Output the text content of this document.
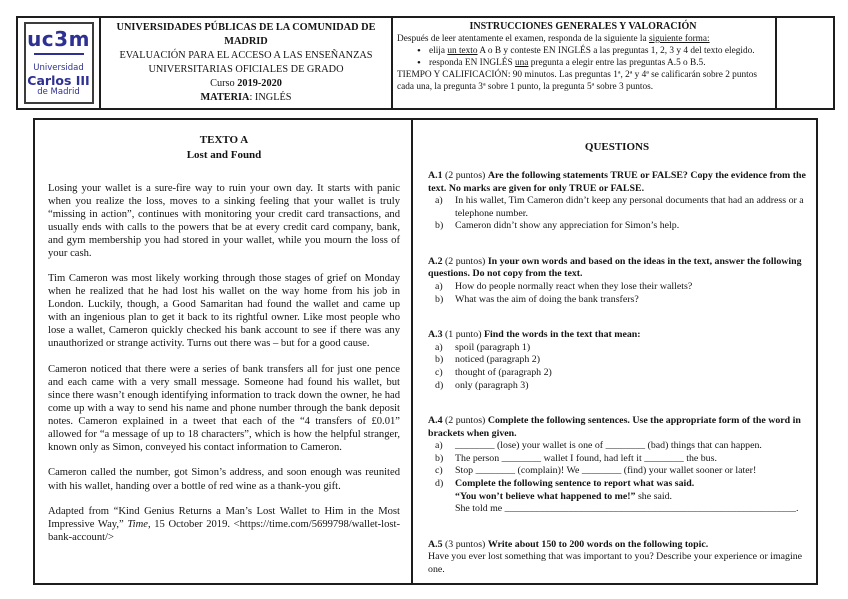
uc3m
Universidad
Carlos III
de Madrid
UNIVERSIDADES PÚBLICAS DE LA COMUNIDAD DE MADRID
EVALUACIÓN PARA EL ACCESO A LAS ENSEÑANZAS UNIVERSITARIAS OFICIALES DE GRADO
Curso 2019-2020
MATERIA: INGLÉS
INSTRUCCIONES GENERALES Y VALORACIÓN
Después de leer atentamente el examen, responda de la siguiente la siguiente forma:
• elija un texto A o B y conteste EN INGLÉS a las preguntas 1, 2, 3 y 4 del texto elegido.
• responda EN INGLÉS una pregunta a elegir entre las preguntas A.5 o B.5.
TIEMPO Y CALIFICACIÓN: 90 minutos. Las preguntas 1ª, 2ª y 4ª se calificarán sobre 2 puntos cada una, la pregunta 3ª sobre 1 punto, la pregunta 5ª sobre 3 puntos.
TEXTO A
Lost and Found

Losing your wallet is a sure-fire way to ruin your own day. It starts with panic when you realize the loss, moves to a sinking feeling that your wallet is truly “missing in action”, continues with monitoring your credit card transactions, and usually ends with calls to the powers that be at every credit card company, bank, and gym membership you had stored in your wallet, while you mourn the loss of your cash.

Tim Cameron was most likely working through those stages of grief on Monday when he realized that he had lost his wallet on the way home from his job in London. Luckily, though, a Good Samaritan had found the wallet and came up with an ingenious plan to get it back to its rightful owner. Like most people who lose a wallet, Cameron quickly checked his bank account to see if there was any unauthorized or strange activity. Turns out there was – but for a good cause.

Cameron noticed that there were a series of bank transfers all for just one pence and each came with a very small message. Someone had found his wallet, but since there wasn’t enough identifying information to track down the owner, he had come up with a way to send his name and phone number through the bank deposit notes. Cameron explained in a tweet that each of the “4 transfers of £0.01” allowed for “a message of up to 18 characters”, which is how the helpful stranger, known only as Simon, conveyed his contact information to Cameron.

Cameron called the number, got Simon’s address, and soon enough was reunited with his wallet, handing over a bottle of red wine as a thank-you gift.

Adapted from “Kind Genius Returns a Man’s Lost Wallet to Him in the Most Impressive Way,” Time, 15 October 2019. <https://time.com/5699798/wallet-lost-bank-account/>

QUESTIONS
A.1 (2 puntos) Are the following statements TRUE or FALSE? Copy the evidence from the text. No marks are given for only TRUE or FALSE.
a) In his wallet, Tim Cameron didn’t keep any personal documents that had an address or a telephone number.
b) Cameron didn’t show any appreciation for Simon’s help.
A.2 (2 puntos) In your own words and based on the ideas in the text, answer the following questions. Do not copy from the text.
a) How do people normally react when they lose their wallets?
b) What was the aim of doing the bank transfers?
A.3 (1 punto) Find the words in the text that mean:
a) spoil (paragraph 1)
b) noticed (paragraph 2)
c) thought of (paragraph 2)
d) only (paragraph 3)
A.4 (2 puntos) Complete the following sentences. Use the appropriate form of the word in brackets when given.
a) ________ (lose) your wallet is one of ________ (bad) things that can happen.
b) The person ________ wallet I found, had left it ________ the bus.
c) Stop ________ (complain)! We ________ (find) your wallet sooner or later!
d) Complete the following sentence to report what was said.
“You won’t believe what happened to me!” she said.
She told me ___________________________________________________________.
A.5 (3 puntos) Write about 150 to 200 words on the following topic.
Have you ever lost something that was important to you? Describe your experience or imagine one.
